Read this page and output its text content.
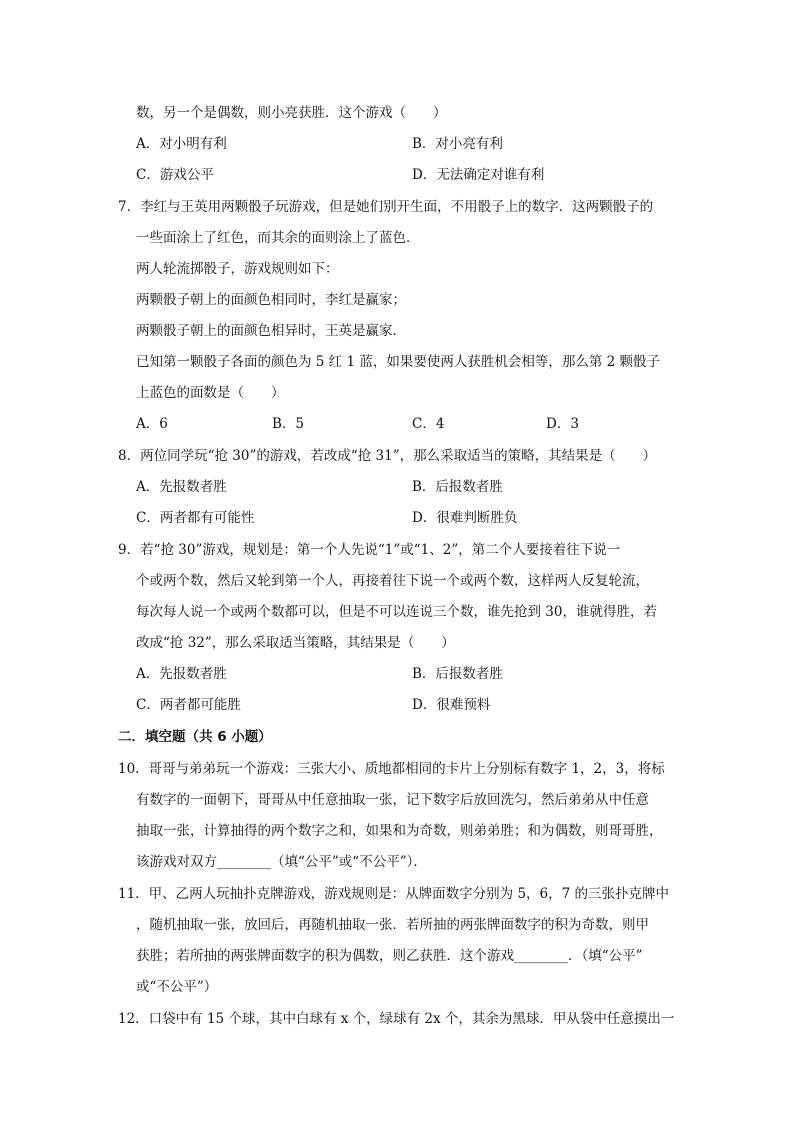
数，另一个是偶数，则小亮获胜．这个游戏（　　）
A．对小明有利	B．对小亮有利
C．游戏公平	D．无法确定对谁有利
7．李红与王英用两颗骰子玩游戏，但是她们别开生面，不用骰子上的数字．这两颗骰子的
一些面涂上了红色，而其余的面则涂上了蓝色．
两人轮流掷骰子，游戏规则如下：
两颗骰子朝上的面颜色相同时，李红是赢家；
两颗骰子朝上的面颜色相异时，王英是赢家．
已知第一颗骰子各面的颜色为 5 红 1 蓝，如果要使两人获胜机会相等，那么第 2 颗骰子
上蓝色的面数是（　　）
A．6	B．5	C．4	D．3
8．两位同学玩“抢 30”的游戏，若改成“抢 31”，那么采取适当的策略，其结果是（　　）
A．先报数者胜	B．后报数者胜
C．两者都有可能性	D．很难判断胜负
9．若“抢 30”游戏，规划是：第一个人先说“1”或“1、2”，第二个人要接着往下说一
个或两个数，然后又轮到第一个人，再接着往下说一个或两个数，这样两人反复轮流，
每次每人说一个或两个数都可以，但是不可以连说三个数，谁先抢到 30，谁就得胜，若
改成“抢 32”，那么采取适当策略，其结果是（　　）
A．先报数者胜	B．后报数者胜
C．两者都可能胜	D．很难预料
二．填空题（共 6 小题）
10．哥哥与弟弟玩一个游戏：三张大小、质地都相同的卡片上分别标有数字 1，2，3，将标
有数字的一面朝下，哥哥从中任意抽取一张，记下数字后放回洗匀，然后弟弟从中任意
抽取一张，计算抽得的两个数字之和，如果和为奇数，则弟弟胜；和为偶数，则哥哥胜，
该游戏对双方________（填“公平”或“不公平”）．
11．甲、乙两人玩抽扑克牌游戏，游戏规则是：从牌面数字分别为 5，6，7 的三张扑克牌中
，随机抽取一张，放回后，再随机抽取一张．若所抽的两张牌面数字的积为奇数，则甲
获胜；若所抽的两张牌面数字的积为偶数，则乙获胜．这个游戏________．（填“公平”
或“不公平”）
12．口袋中有 15 个球，其中白球有 x 个，绿球有 2x 个，其余为黑球．甲从袋中任意摸出一
